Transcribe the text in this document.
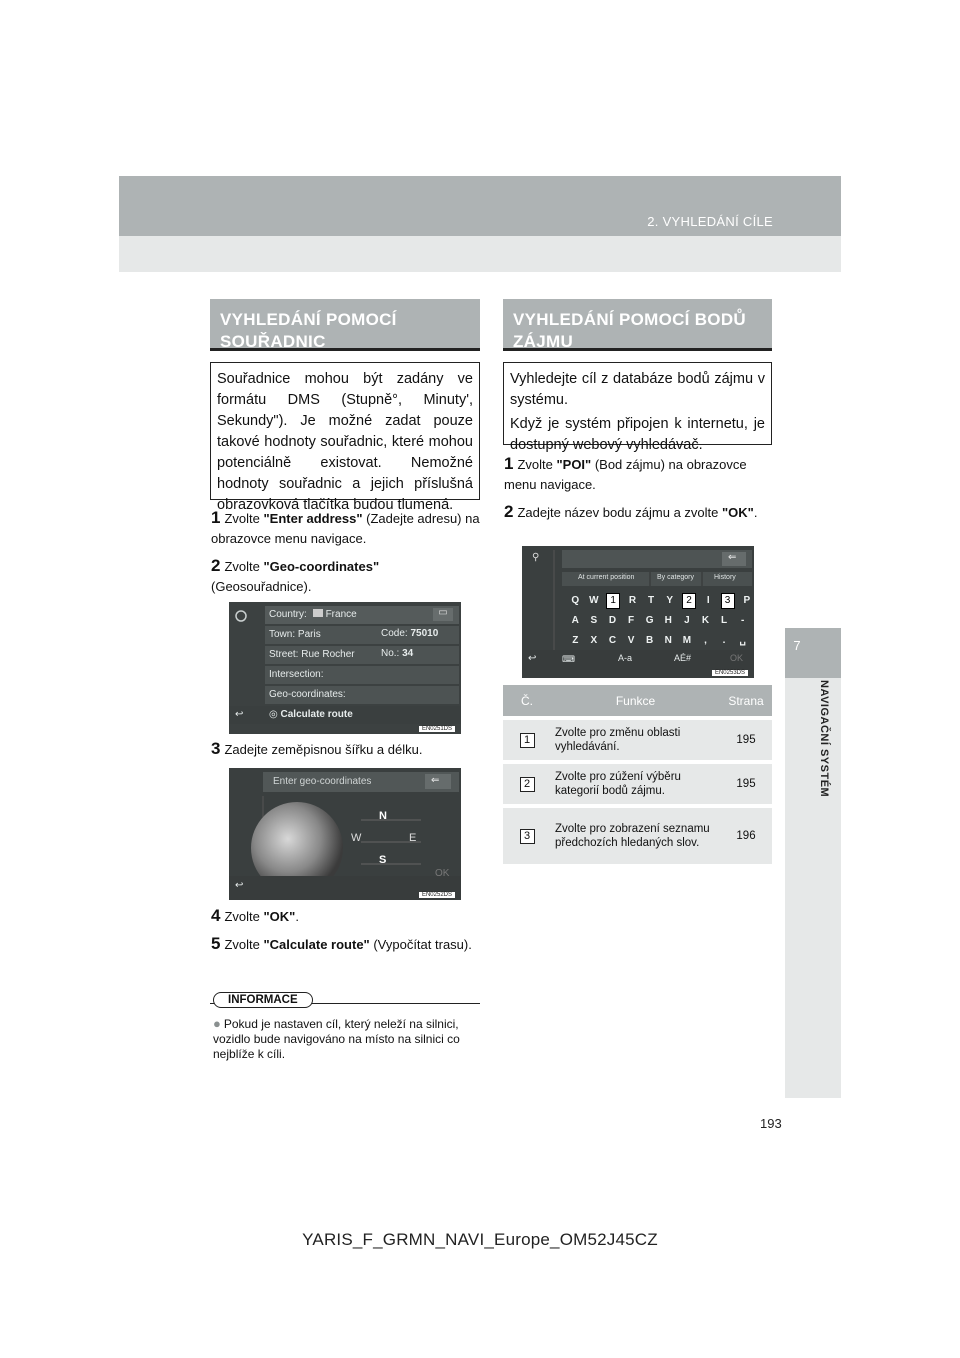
2. VYHLEDÁNÍ CÍLE
7
NAVIGAČNÍ SYSTÉM
VYHLEDÁNÍ POMOCÍ
SOUŘADNIC

Souřadnice mohou být zadány ve formátu DMS (Stupně°, Minuty', Sekundy"). Je možné zadat pouze takové hodnoty souřadnic, které mohou potenciálně existovat. Nemožné hodnoty souřadnic a jejich příslušná obrazovková tlačítka budou tlumená.

1 Zvolte "Enter address" (Zadejte adresu) na obrazovce menu navigace.
2 Zvolte "Geo-coordinates" (Geosouřadnice).
Country: France
Town: Paris	Code: 75010
Street: Rue Rocher	No.: 34
Intersection:
Geo-coordinates:
↩	◎ Calculate route
▭
EN0251DS
3 Zadejte zeměpisnou šířku a délku.
Enter geo-coordinates	⇐
N
W	E
S
↩
OK
EN0252DS
4 Zvolte "OK".
5 Zvolte "Calculate route" (Vypočítat trasu).
INFORMACE
● Pokud je nastaven cíl, který neleží na silnici, vozidlo bude navigováno na místo na silnici co nejblíže k cíli.
VYHLEDÁNÍ POMOCÍ BODŮ
ZÁJMU

Vyhledejte cíl z databáze bodů zájmu v systému.

Když je systém připojen k internetu, je dostupný webový vyhledávač.

1 Zvolte "POI" (Bod zájmu) na obrazovce menu navigace.
2 Zadejte název bodu zájmu a zvolte "OK".
⚲	⇐
At current position	By category	History
Q W 1 R T Y 2 I 3 P
A S D F G H J K L -
Z X C V B N M , . ␣
↩	⌨	A-a	AÉ#	OK
EN0253DS
Č.	Funkce	Strana
1	Zvolte pro změnu oblasti vyhledávání.	195
2	Zvolte pro zúžení výběru kategorií bodů zájmu.	195
3	Zvolte pro zobrazení seznamu předchozích hledaných slov.	196
193
YARIS_F_GRMN_NAVI_Europe_OM52J45CZ
